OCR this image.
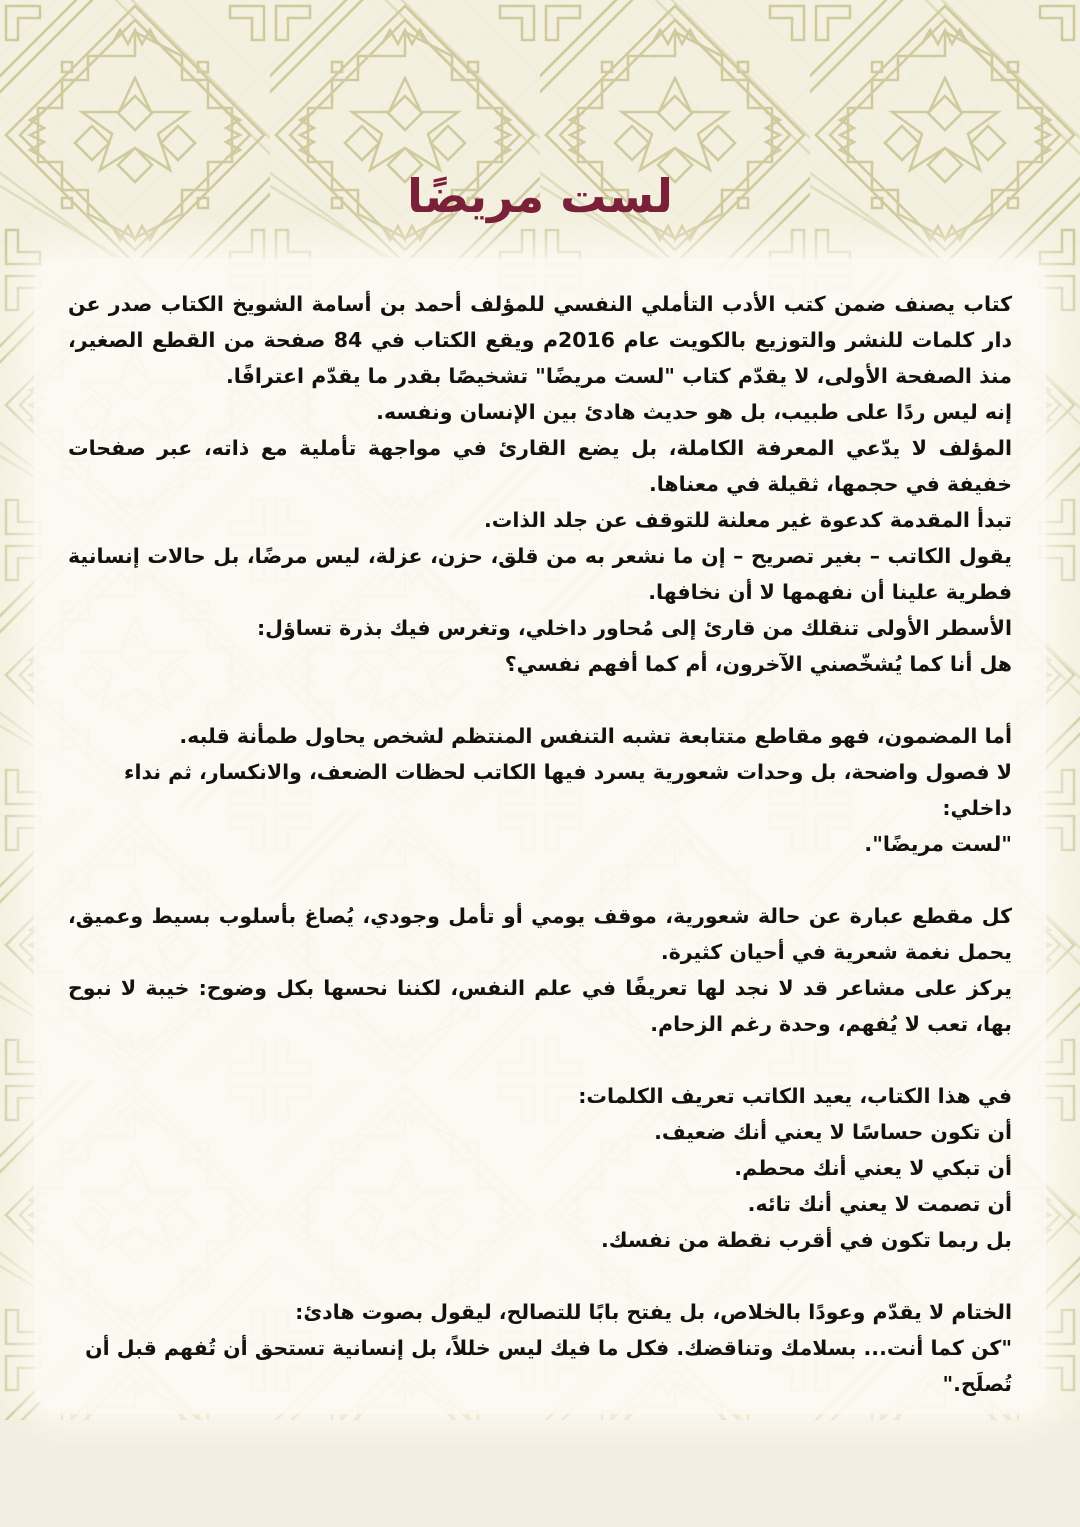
لست مريضًا

كتاب يصنف ضمن كتب الأدب التأملي النفسي للمؤلف أحمد بن أسامة الشويخ الكتاب صدر عن دار كلمات للنشر والتوزيع بالكويت عام 2016م ويقع الكتاب في 84 صفحة من القطع الصغير، منذ الصفحة الأولى، لا يقدّم كتاب "لست مريضًا" تشخيصًا بقدر ما يقدّم اعترافًا.

إنه ليس ردًا على طبيب، بل هو حديث هادئ بين الإنسان ونفسه.

المؤلف لا يدّعي المعرفة الكاملة، بل يضع القارئ في مواجهة تأملية مع ذاته، عبر صفحات خفيفة في حجمها، ثقيلة في معناها.

تبدأ المقدمة كدعوة غير معلنة للتوقف عن جلد الذات.

يقول الكاتب – بغير تصريح – إن ما نشعر به من قلق، حزن، عزلة، ليس مرضًا، بل حالات إنسانية فطرية علينا أن نفهمها لا أن نخافها.

الأسطر الأولى تنقلك من قارئ إلى مُحاور داخلي، وتغرس فيك بذرة تساؤل:

هل أنا كما يُشخّصني الآخرون، أم كما أفهم نفسي؟

أما المضمون، فهو مقاطع متتابعة تشبه التنفس المنتظم لشخص يحاول طمأنة قلبه.

لا فصول واضحة، بل وحدات شعورية يسرد فيها الكاتب لحظات الضعف، والانكسار، ثم نداء داخلي:

"لست مريضًا".

كل مقطع عبارة عن حالة شعورية، موقف يومي أو تأمل وجودي، يُصاغ بأسلوب بسيط وعميق، يحمل نغمة شعرية في أحيان كثيرة.

يركز على مشاعر قد لا نجد لها تعريفًا في علم النفس، لكننا نحسها بكل وضوح: خيبة لا نبوح بها، تعب لا يُفهم، وحدة رغم الزحام.

في هذا الكتاب، يعيد الكاتب تعريف الكلمات:

أن تكون حساسًا لا يعني أنك ضعيف.

أن تبكي لا يعني أنك محطم.

أن تصمت لا يعني أنك تائه.

بل ربما تكون في أقرب نقطة من نفسك.

الختام لا يقدّم وعودًا بالخلاص، بل يفتح بابًا للتصالح، ليقول بصوت هادئ:

"كن كما أنت... بسلامك وتناقضك. فكل ما فيك ليس خللاً، بل إنسانية تستحق أن تُفهم قبل أن تُصلَح."
